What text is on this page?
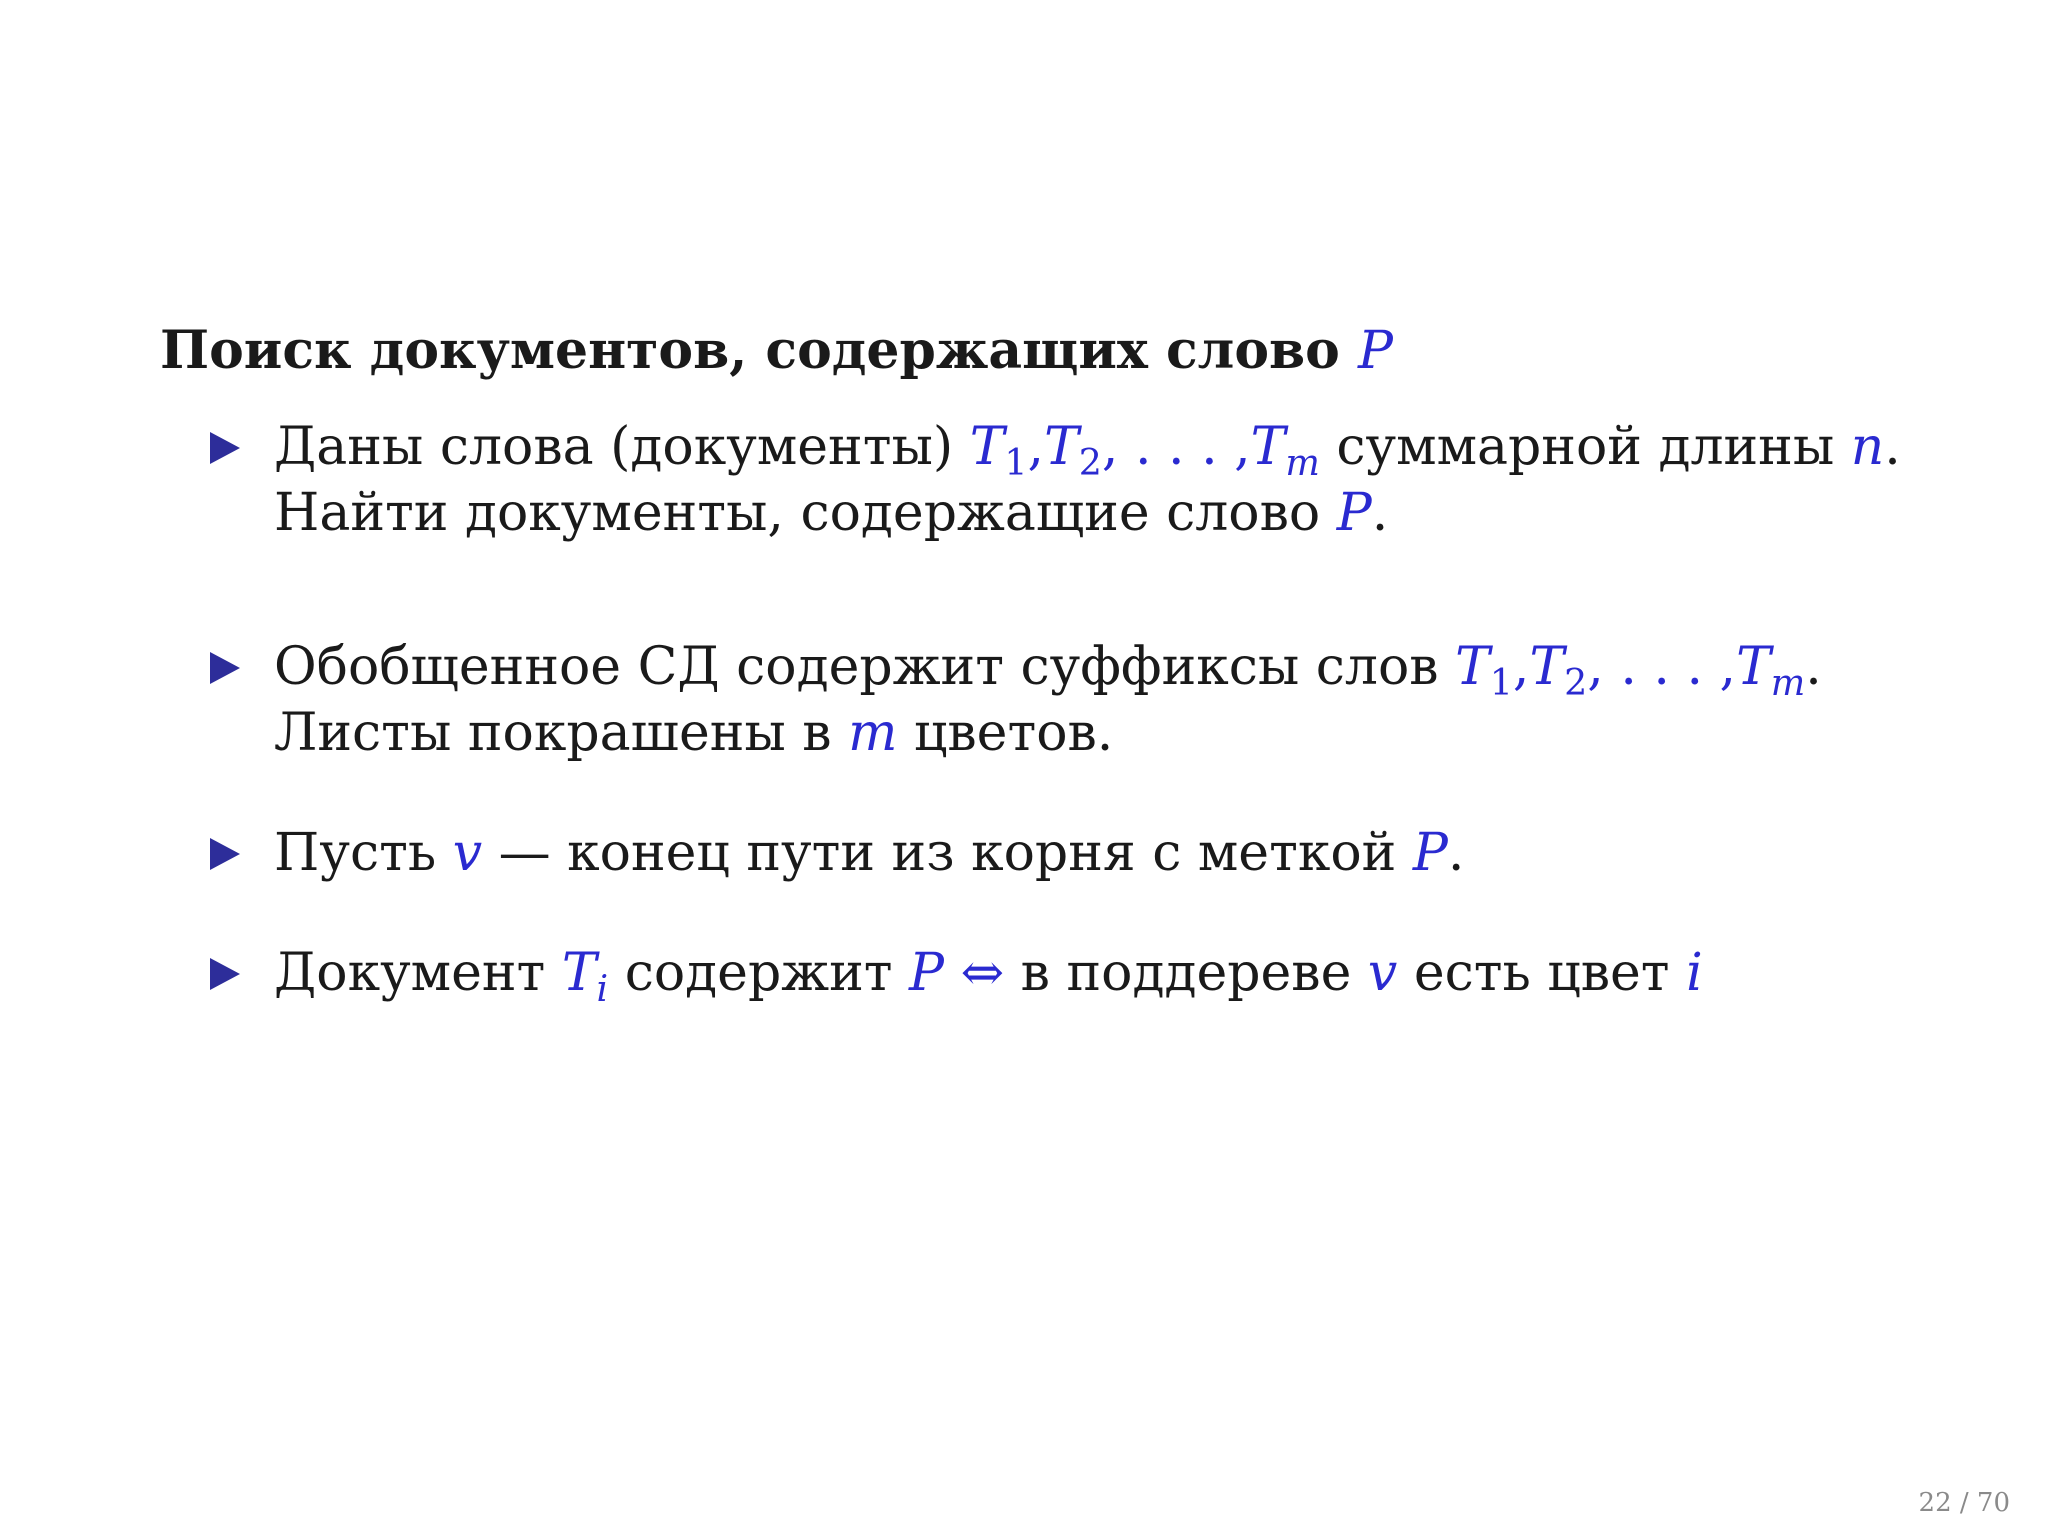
Поиск документов, содержащих слово P
Даны слова (документы) $T_1,T_2$, . . . $,T_m$ суммарной длины n.
Найти документы, содержащие слово P.
Обобщенное СД содержит суффиксы слов $T_1,T_2$, . . . $,T_m$.
Листы покрашены в m цветов.
Пусть v — конец пути из корня с меткой P.
Документ $T_i$ содержит P ⇔ в поддереве v есть цвет i
22 / 70
